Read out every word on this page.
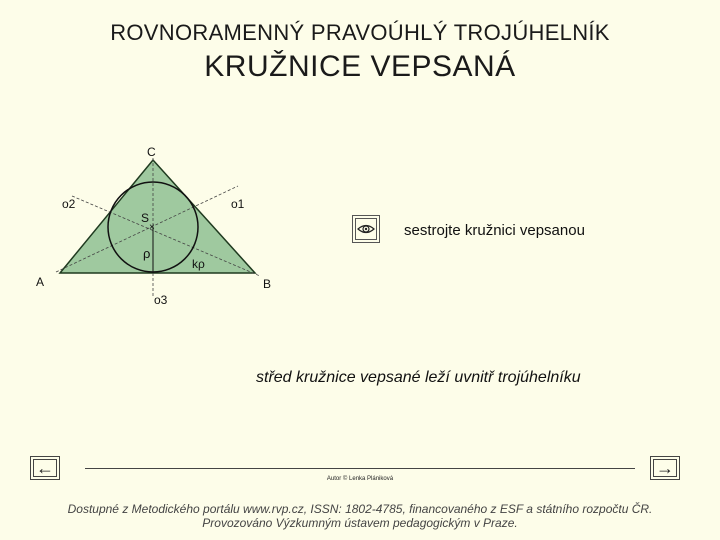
ROVNORAMENNÝ PRAVOÚHLÝ TROJÚHELNÍK
KRUŽNICE VEPSANÁ
×
C
A	B
S
o1
o2
o3
ρ
kρ
sestrojte kružnici vepsanou
střed kružnice vepsané leží uvnitř trojúhelníku
←	→
Autor © Lenka Plániková
Dostupné z Metodického portálu www.rvp.cz, ISSN: 1802-4785, financovaného z ESF a státního rozpočtu ČR.
Provozováno Výzkumným ústavem pedagogickým v Praze.
